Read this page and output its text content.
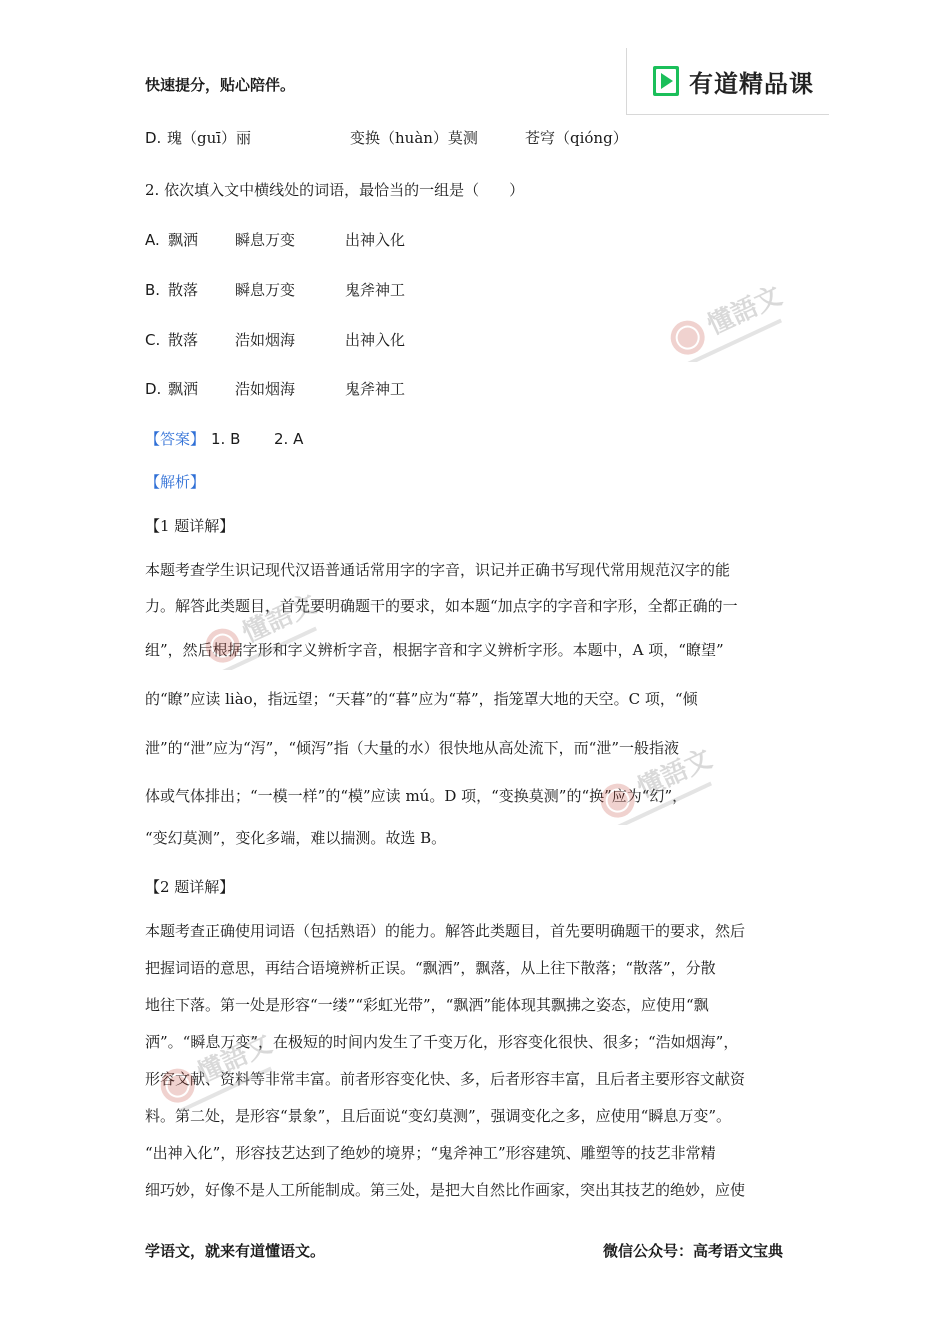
快速提分，贴心陪伴。	有道精品课
D. 瑰（guī）丽	变换（huàn）莫测	苍穹（qióng）
2. 依次填入文中横线处的词语，最恰当的一组是（　　）
A. 飘洒 瞬息万变	出神入化
B. 散落 瞬息万变	鬼斧神工
C. 散落 浩如烟海	出神入化
D. 飘洒 浩如烟海	鬼斧神工
【答案】 1. B 2. A
【解析】
【1 题详解】
本题考查学生识记现代汉语普通话常用字的字音，识记并正确书写现代常用规范汉字的能
力。解答此类题目，首先要明确题干的要求，如本题“加点字的字音和字形，全都正确的一
组”，然后根据字形和字义辨析字音，根据字音和字义辨析字形。本题中，A 项，“瞭望”
的“瞭”应读 liào，指远望；“天暮”的“暮”应为“幕”，指笼罩大地的天空。C 项，“倾
泄”的“泄”应为“泻”，“倾泻”指（大量的水）很快地从高处流下，而“泄”一般指液
体或气体排出；“一模一样”的“模”应读 mú。D 项，“变换莫测”的“换”应为“幻”，
“变幻莫测”，变化多端，难以揣测。故选 B。
【2 题详解】
本题考查正确使用词语（包括熟语）的能力。解答此类题目，首先要明确题干的要求，然后
把握词语的意思，再结合语境辨析正误。“飘洒”，飘落，从上往下散落；“散落”，分散
地往下落。第一处是形容“一缕”“彩虹光带”，“飘洒”能体现其飘拂之姿态，应使用“飘
洒”。“瞬息万变”，在极短的时间内发生了千变万化，形容变化很快、很多；“浩如烟海”，
形容文献、资料等非常丰富。前者形容变化快、多，后者形容丰富，且后者主要形容文献资
料。第二处，是形容“景象”，且后面说“变幻莫测”，强调变化之多，应使用“瞬息万变”。
“出神入化”，形容技艺达到了绝妙的境界；“鬼斧神工”形容建筑、雕塑等的技艺非常精
细巧妙，好像不是人工所能制成。第三处，是把大自然比作画家，突出其技艺的绝妙，应使
懂語文
懂語文
懂語文
懂語文
学语文，就来有道懂语文。	微信公众号：高考语文宝典
